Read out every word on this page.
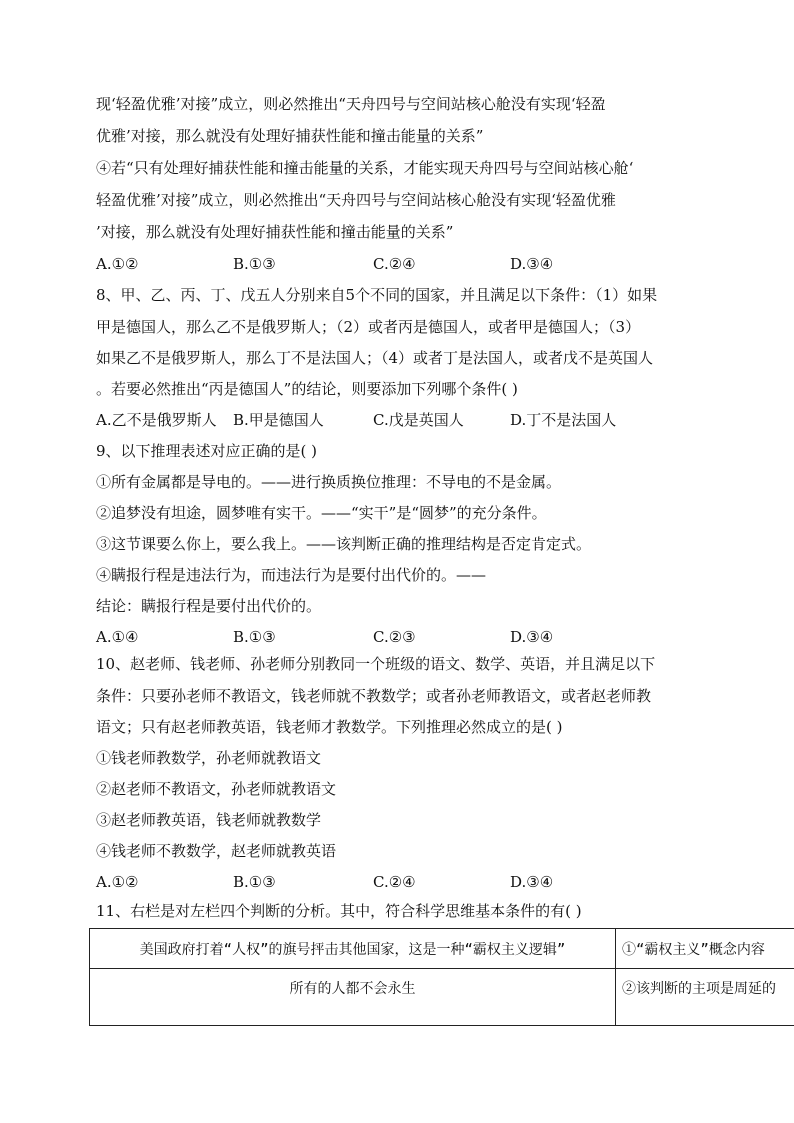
现‘轻盈优雅’对接”成立，则必然推出“天舟四号与空间站核心舱没有实现‘轻盈
优雅’对接，那么就没有处理好捕获性能和撞击能量的关系”
④若“只有处理好捕获性能和撞击能量的关系，才能实现天舟四号与空间站核心舱‘
轻盈优雅’对接”成立，则必然推出“天舟四号与空间站核心舱没有实现‘轻盈优雅
’对接，那么就没有处理好捕获性能和撞击能量的关系”
A.①②	B.①③	C.②④	D.③④
8、甲、乙、丙、丁、戊五人分别来自5个不同的国家，并且满足以下条件：（1）如果
甲是德国人，那么乙不是俄罗斯人；（2）或者丙是德国人，或者甲是德国人；（3）
如果乙不是俄罗斯人，那么丁不是法国人；（4）或者丁是法国人，或者戊不是英国人
。若要必然推出“丙是德国人”的结论，则要添加下列哪个条件( )
A.乙不是俄罗斯人 B.甲是德国人	C.戊是英国人	D.丁不是法国人
9、以下推理表述对应正确的是( )
①所有金属都是导电的。——进行换质换位推理：不导电的不是金属。
②追梦没有坦途，圆梦唯有实干。——“实干”是“圆梦”的充分条件。
③这节课要么你上，要么我上。——该判断正确的推理结构是否定肯定式。
④瞒报行程是违法行为，而违法行为是要付出代价的。——
结论：瞒报行程是要付出代价的。
A.①④	B.①③	C.②③	D.③④
10、赵老师、钱老师、孙老师分别教同一个班级的语文、数学、英语，并且满足以下
条件：只要孙老师不教语文，钱老师就不教数学；或者孙老师教语文，或者赵老师教
语文；只有赵老师教英语，钱老师才教数学。下列推理必然成立的是( )
①钱老师教数学，孙老师就教语文
②赵老师不教语文，孙老师就教语文
③赵老师教英语，钱老师就教数学
④钱老师不教数学，赵老师就教英语
A.①②	B.①③	C.②④	D.③④
11、右栏是对左栏四个判断的分析。其中，符合科学思维基本条件的有( )
美国政府打着“人权”的旗号抨击其他国家，这是一种“霸权主义逻辑”	①“霸权主义”概念内容
所有的人都不会永生	②该判断的主项是周延的
